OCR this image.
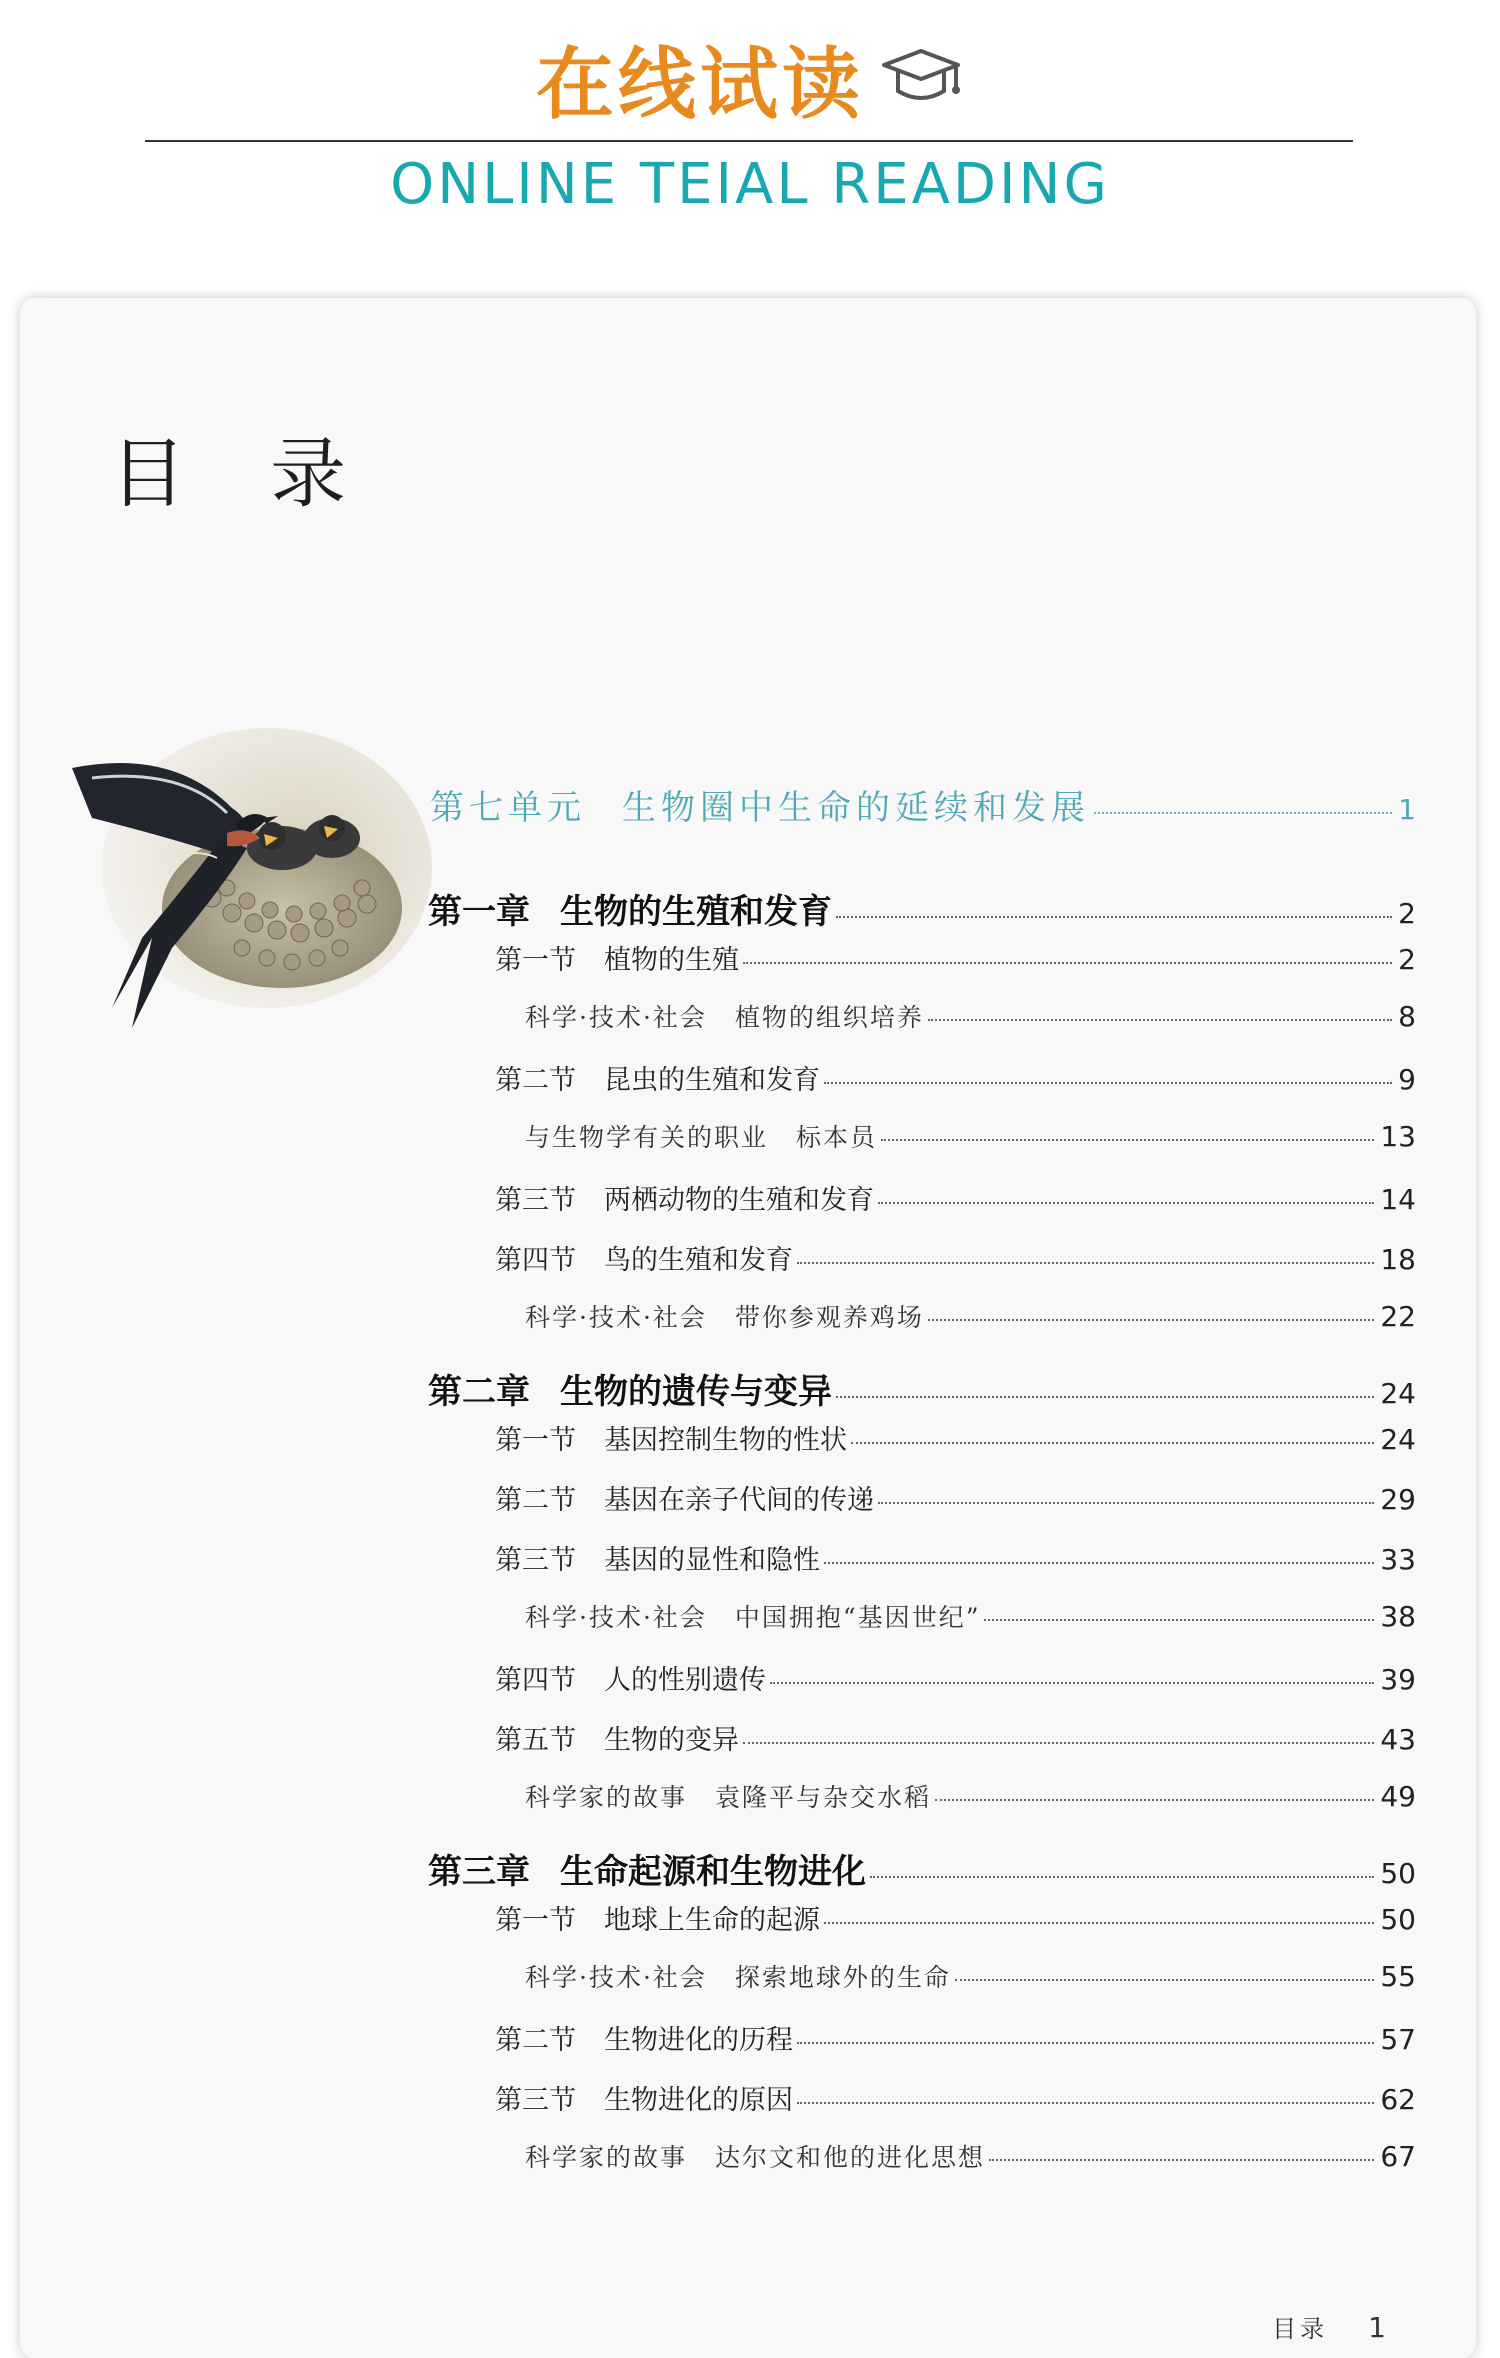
在线试读
ONLINE TEIAL READING
目 录
第七单元 生物圈中生命的延续和发展	1
第一章 生物的生殖和发育	2
第一节 植物的生殖	2
科学·技术·社会 植物的组织培养	8
第二节 昆虫的生殖和发育	9
与生物学有关的职业 标本员	13
第三节 两栖动物的生殖和发育	14
第四节 鸟的生殖和发育	18
科学·技术·社会 带你参观养鸡场	22
第二章 生物的遗传与变异	24
第一节 基因控制生物的性状	24
第二节 基因在亲子代间的传递	29
第三节 基因的显性和隐性	33
科学·技术·社会 中国拥抱“基因世纪”	38
第四节 人的性别遗传	39
第五节 生物的变异	43
科学家的故事 袁隆平与杂交水稻	49
第三章 生命起源和生物进化	50
第一节 地球上生命的起源	50
科学·技术·社会 探索地球外的生命	55
第二节 生物进化的历程	57
第三节 生物进化的原因	62
科学家的故事 达尔文和他的进化思想	67
目录 1
